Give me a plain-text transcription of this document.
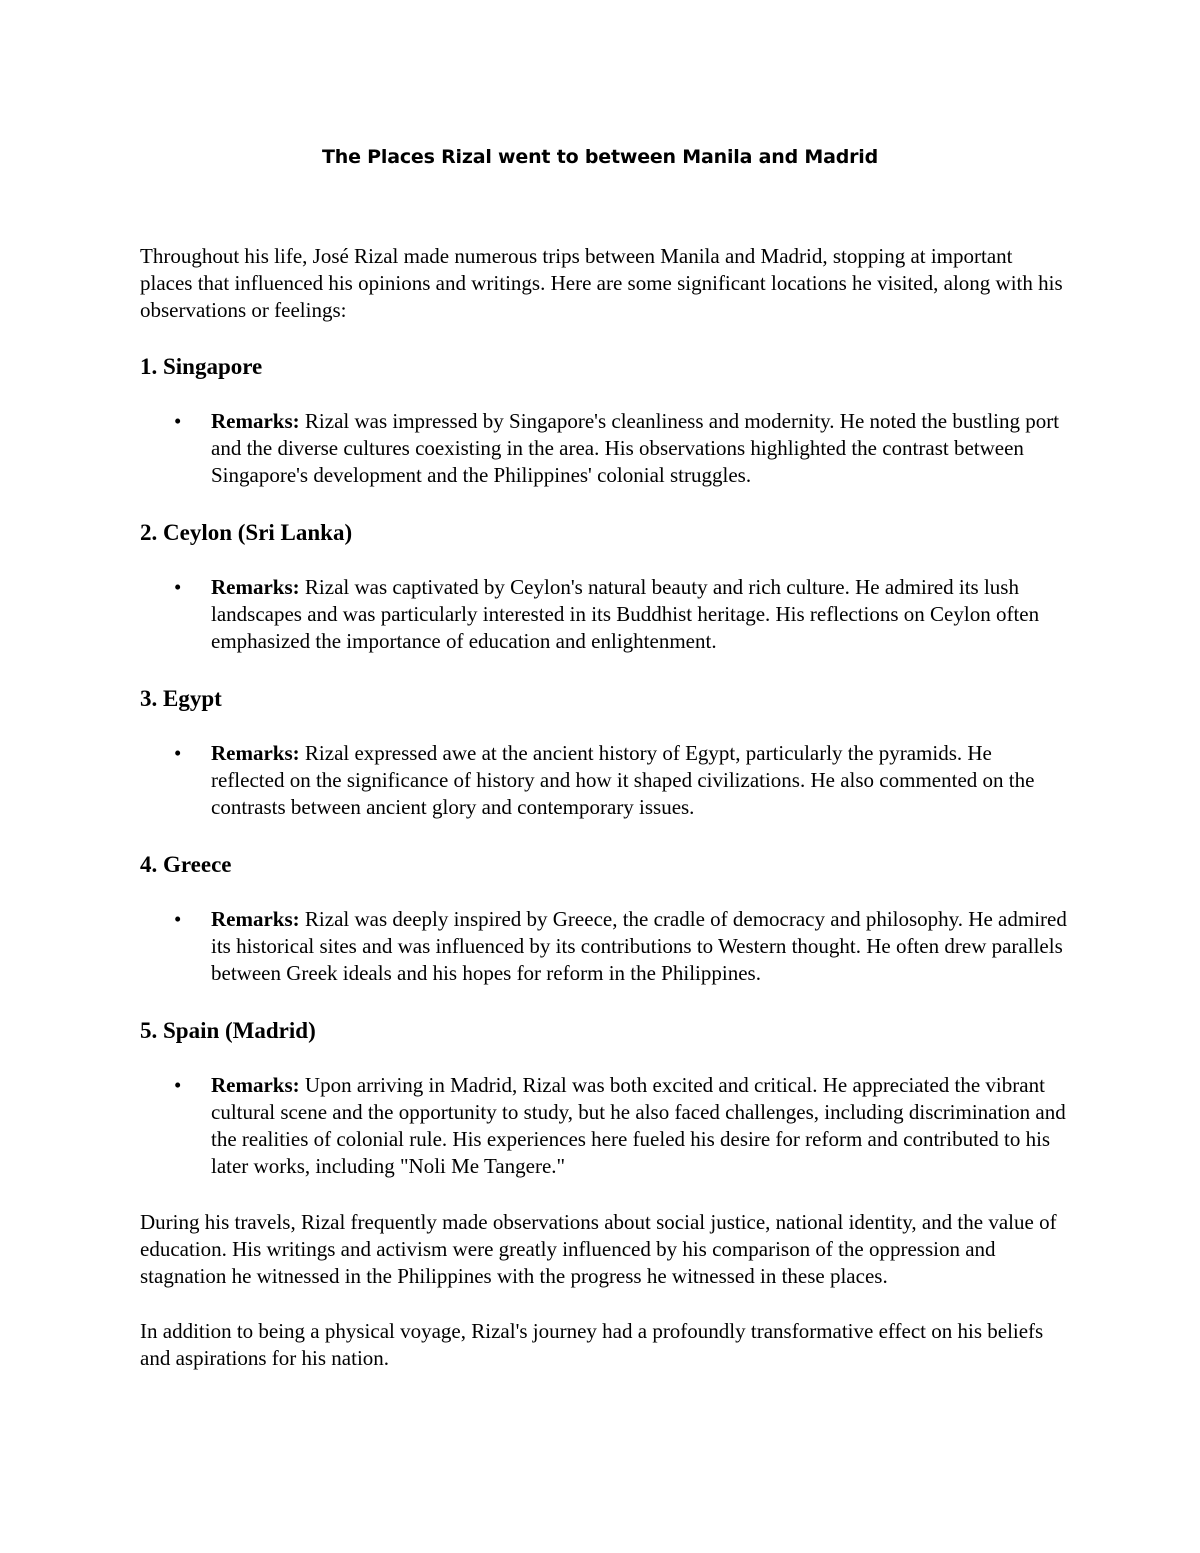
The Places Rizal went to between Manila and Madrid

Throughout his life, José Rizal made numerous trips between Manila and Madrid, stopping at important places that influenced his opinions and writings. Here are some significant locations he visited, along with his observations or feelings:

1. Singapore
• Remarks: Rizal was impressed by Singapore's cleanliness and modernity. He noted the bustling port and the diverse cultures coexisting in the area. His observations highlighted the contrast between Singapore's development and the Philippines' colonial struggles.
2. Ceylon (Sri Lanka)
• Remarks: Rizal was captivated by Ceylon's natural beauty and rich culture. He admired its lush landscapes and was particularly interested in its Buddhist heritage. His reflections on Ceylon often emphasized the importance of education and enlightenment.
3. Egypt
• Remarks: Rizal expressed awe at the ancient history of Egypt, particularly the pyramids. He reflected on the significance of history and how it shaped civilizations. He also commented on the contrasts between ancient glory and contemporary issues.
4. Greece
• Remarks: Rizal was deeply inspired by Greece, the cradle of democracy and philosophy. He admired its historical sites and was influenced by its contributions to Western thought. He often drew parallels between Greek ideals and his hopes for reform in the Philippines.
5. Spain (Madrid)
• Remarks: Upon arriving in Madrid, Rizal was both excited and critical. He appreciated the vibrant cultural scene and the opportunity to study, but he also faced challenges, including discrimination and the realities of colonial rule. His experiences here fueled his desire for reform and contributed to his later works, including "Noli Me Tangere."

During his travels, Rizal frequently made observations about social justice, national identity, and the value of education. His writings and activism were greatly influenced by his comparison of the oppression and stagnation he witnessed in the Philippines with the progress he witnessed in these places.

In addition to being a physical voyage, Rizal's journey had a profoundly transformative effect on his beliefs and aspirations for his nation.
